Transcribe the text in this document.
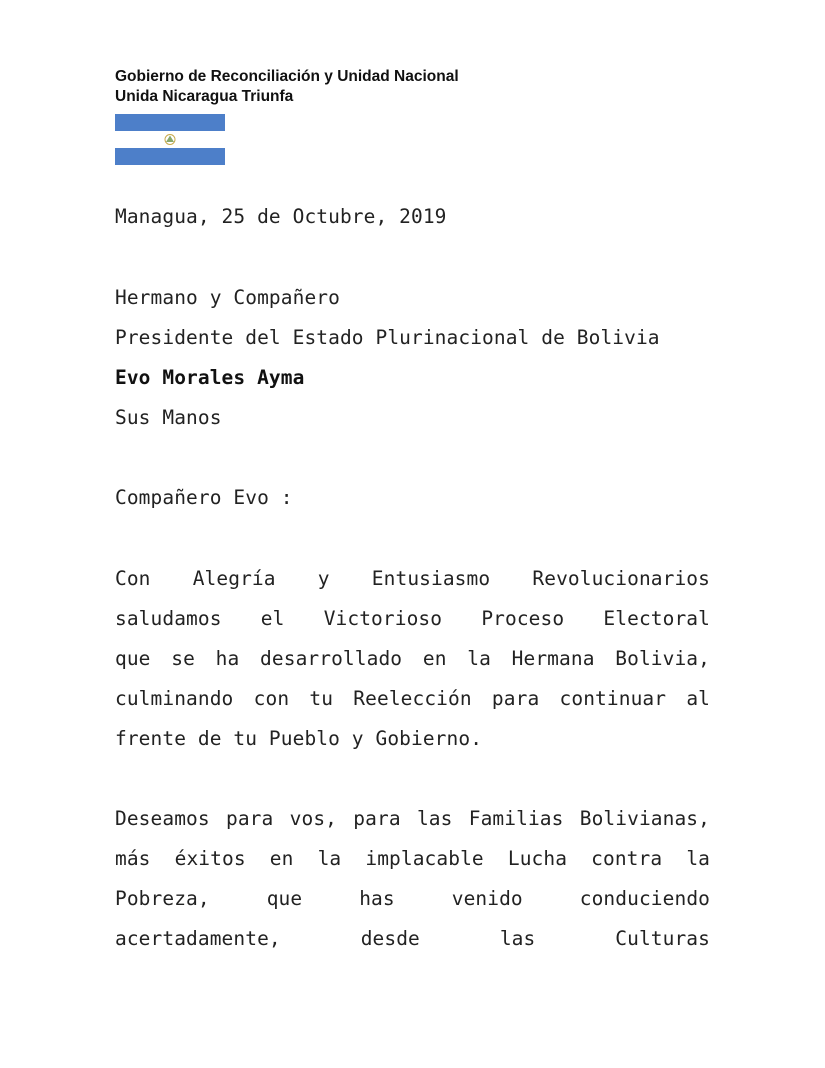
Gobierno de Reconciliación y Unidad Nacional
Unida Nicaragua Triunfa
Managua, 25 de Octubre, 2019
Hermano y Compañero
Presidente del Estado Plurinacional de Bolivia
Evo Morales Ayma
Sus Manos
Compañero Evo :
Con Alegría y Entusiasmo Revolucionarios
saludamos el Victorioso Proceso Electoral
que se ha desarrollado en la Hermana Bolivia,
culminando con tu Reelección para continuar al
frente de tu Pueblo y Gobierno.
Deseamos para vos, para las Familias Bolivianas,
más éxitos en la implacable Lucha contra la
Pobreza, que has venido conduciendo
acertadamente, desde las Culturas
